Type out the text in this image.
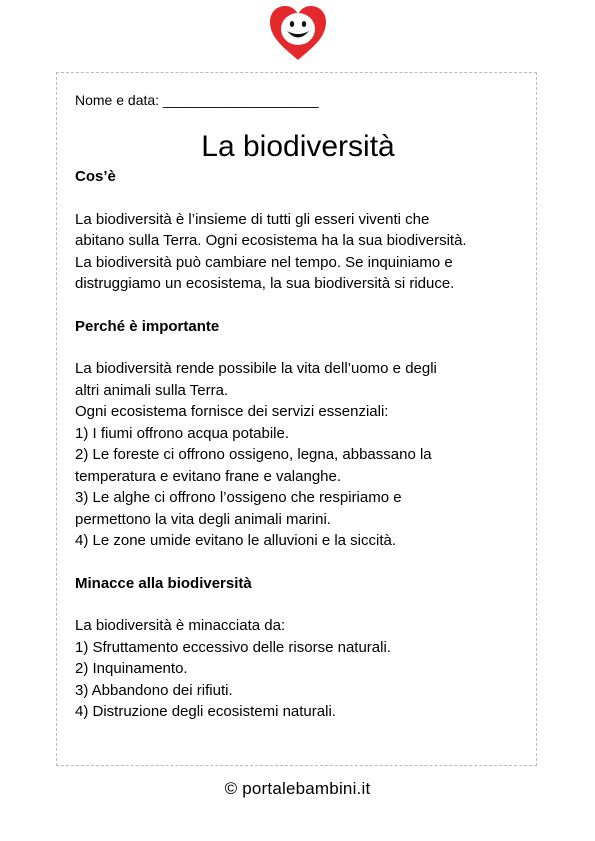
Nome e data: ____________________

La biodiversità
Cos’è

La biodiversità è l’insieme di tutti gli esseri viventi che
abitano sulla Terra. Ogni ecosistema ha la sua biodiversità.
La biodiversità può cambiare nel tempo. Se inquiniamo e
distruggiamo un ecosistema, la sua biodiversità si riduce.

Perché è importante

La biodiversità rende possibile la vita dell’uomo e degli
altri animali sulla Terra.
Ogni ecosistema fornisce dei servizi essenziali:
1) I fiumi offrono acqua potabile.
2) Le foreste ci offrono ossigeno, legna, abbassano la
temperatura e evitano frane e valanghe.
3) Le alghe ci offrono l’ossigeno che respiriamo e
permettono la vita degli animali marini.
4) Le zone umide evitano le alluvioni e la siccità.

Minacce alla biodiversità

La biodiversità è minacciata da:
1) Sfruttamento eccessivo delle risorse naturali.
2) Inquinamento.
3) Abbandono dei rifiuti.
4) Distruzione degli ecosistemi naturali.

© portalebambini.it
